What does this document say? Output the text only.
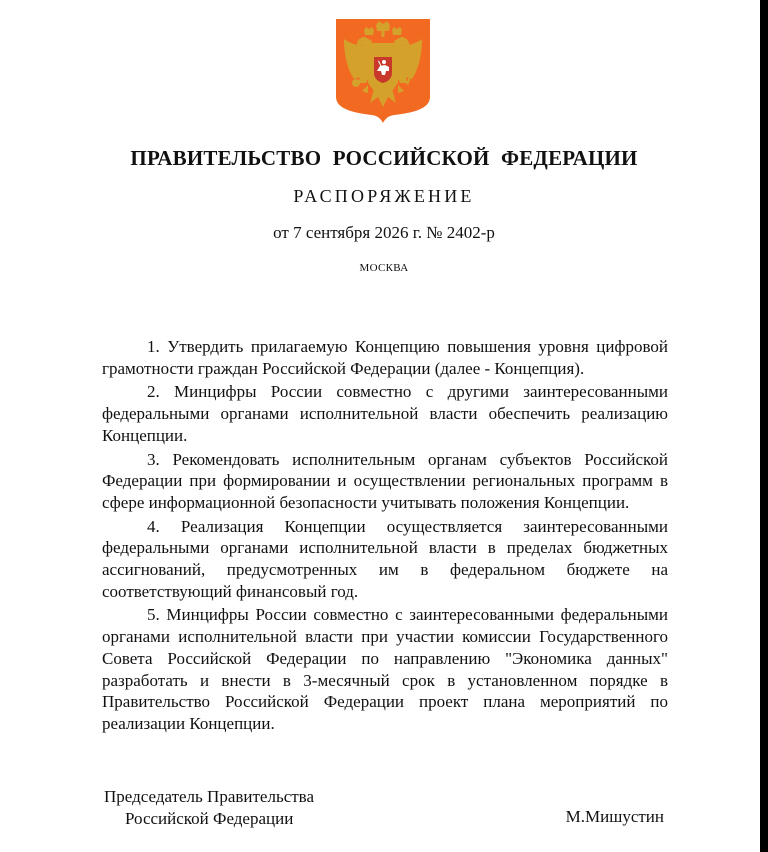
ПРАВИТЕЛЬСТВО РОССИЙСКОЙ ФЕДЕРАЦИИ
РАСПОРЯЖЕНИЕ
от 7 сентября 2026 г. № 2402-р
МОСКВА

1. Утвердить прилагаемую Концепцию повышения уровня цифровой грамотности граждан Российской Федерации (далее - Концепция).

2. Минцифры России совместно с другими заинтересованными федеральными органами исполнительной власти обеспечить реализацию Концепции.

3. Рекомендовать исполнительным органам субъектов Российской Федерации при формировании и осуществлении региональных программ в сфере информационной безопасности учитывать положения Концепции.

4. Реализация Концепции осуществляется заинтересованными федеральными органами исполнительной власти в пределах бюджетных ассигнований, предусмотренных им в федеральном бюджете на соответствующий финансовый год.

5. Минцифры России совместно с заинтересованными федеральными органами исполнительной власти при участии комиссии Государственного Совета Российской Федерации по направлению "Экономика данных" разработать и внести в 3-месячный срок в установленном порядке в Правительство Российской Федерации проект плана мероприятий по реализации Концепции.

Председатель Правительства
Российской Федерации	М.Мишустин
